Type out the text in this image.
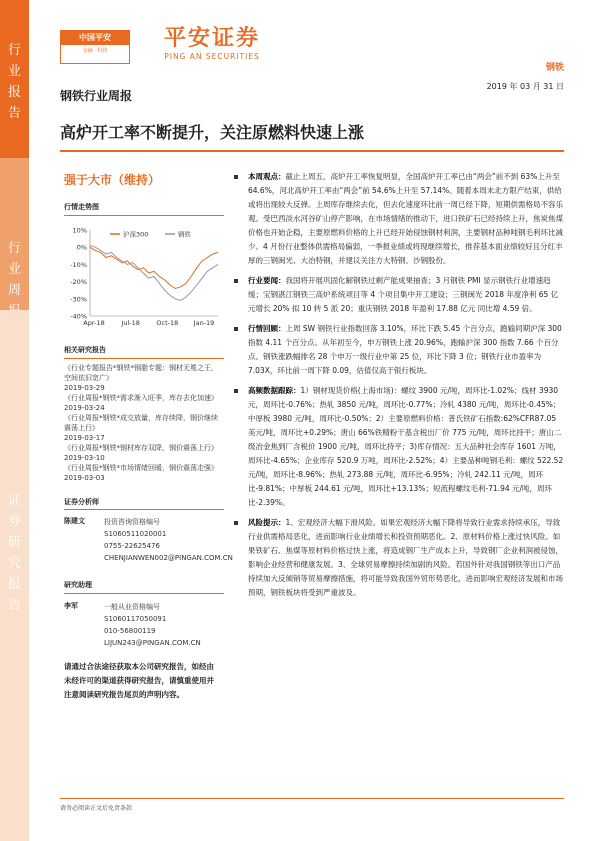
行
业
报
告
行
业
周
证
券
研
究
报
告
中国平安
金融 · 科技	平安证券
PING AN SECURITIES
钢铁
2019 年 03 月 31 日
钢铁行业周报
高炉开工率不断提升，关注原燃料快速上涨
强于大市（维持）
行情走势图
10%
0%
-10%
-20%
-30%
-40%
Apr-18	Jul-18	Oct-18 Jan-19
沪深300	钢铁
相关研究报告
《行业专题报告*钢铁*钢脂专题：钢材无冕之王，空间依旧宽广》
2019-03-29
《行业周报*钢铁*需求渐入旺季，库存去化加速》
2019-03-24
《行业周报*钢铁*成交放量，库存续降，钢价继续震荡上行》
2019-03-17
《行业周报*钢铁*钢材库存双降，钢价震荡上行》
2019-03-10
《行业周报*钢铁*市场情绪回暖，钢价震荡走强》
2019-03-03
证券分析师
陈建文	投资咨询资格编号
S1060511020001
0755-22625476
CHENJIANWEN002@PINGAN.COM.CN
研究助理
李军	一般从业资格编号
S1060117050091
010-56800119
LIJUN243@PINGAN.COM.CN
请通过合法途径获取本公司研究报告，如经由未经许可的渠道获得研究报告，请慎重使用并注意阅读研究报告尾页的声明内容。
本周观点：截止上周五，高炉开工率恢复明显，全国高炉开工率已由“两会”前不到 63%上升至 64.6%，河北高炉开工率由“两会”前 54.6%上升至 57.14%。随着本周末北方限产结束，供给或将出现较大反弹。上周库存继续去化，但去化速度环比前一周已经下降，短期供需格局不容乐观。受巴西淡水河谷矿山停产影响，在市场情绪的推动下，进口铁矿石已经持续上升，焦炭焦煤价格也开始企稳，主要原燃料价格的上升已经开始侵蚀钢材利润，主要钢材品种吨钢毛利环比减少。4 月份行业整体供需格局偏弱，一季报业绩或将现继续增长，推荐基本面业绩较好且分红丰厚的三钢闽光、大冶特钢，并建议关注方大特钢、沙钢股份。
行业要闻：我国将开展巩固化解钢铁过剩产能成果抽查；3 月钢铁 PMI 显示钢铁行业增速趋缓；宝钢湛江钢铁三高炉系统项目等 4 个项目集中开工建设；三钢闽光 2018 年度净利 65 亿元增长 20% 拟 10 转 5 派 20；重庆钢铁 2018 年盈利 17.88 亿元 同比增 4.59 倍。
行情回顾：上周 SW 钢铁行业指数回落 3.10%，环比下跌 5.45 个百分点，跑输同期沪深 300 指数 4.11 个百分点。从年初至今，申万钢铁上涨 20.96%，跑输沪深 300 指数 7.66 个百分点。钢铁涨跌幅排名 28 个申万一级行业中第 25 位，环比下降 3 位；钢铁行业市盈率为 7.03X，环比前一周下降 0.09，估值仅高于银行板块。
高频数据跟踪：1）钢材现货价格(上海市场)：螺纹 3900 元/吨，周环比-1.02%；线材 3930 元，周环比-0.76%；热轧 3850 元/吨，周环比-0.77%；冷轧 4380 元/吨，周环比-0.45%；中厚板 3980 元/吨，周环比-0.50%；2）主要原燃料价格：普氏铁矿石指数:62%CFR87.05 美元/吨，周环比+0.29%；唐山 66%铁精粉干基含税出厂价 775 元/吨，周环比持平；唐山二级冶金焦到厂含税价 1900 元/吨，周环比持平；3)库存情况：五大品种社会库存 1601 万吨，周环比-4.65%；企业库存 520.9 万吨，周环比-2.52%；4）主要品种吨钢毛利：螺纹 522.52 元/吨，周环比-8.96%；热轧 273.88 元/吨，周环比-6.95%；冷轧 242.11 元/吨，周环比-9.81%；中厚板 244.61 元/吨，周环比+13.13%；短流程螺纹毛利-71.94 元/吨，周环比-2.39%。
风险提示：1、宏观经济大幅下滑风险。如果宏观经济大幅下降将导致行业需求持续承压，导致行业供需格局恶化，进而影响行业业绩增长和投资预期恶化。2、原材料价格上涨过快风险。如果铁矿石、焦煤等原材料价格过快上涨，将造成钢厂生产成本上升，导致钢厂企业利润被侵蚀，影响企业经营和健康发展。3、全球贸易摩擦持续加剧的风险。若国外针对我国钢铁等出口产品持续加大反倾销等贸易摩擦措施，将可能导致我国外贸形势恶化，进而影响宏观经济发展和市场预期，钢铁板块将受到严重波及。
请务必阅读正文后免责条款
